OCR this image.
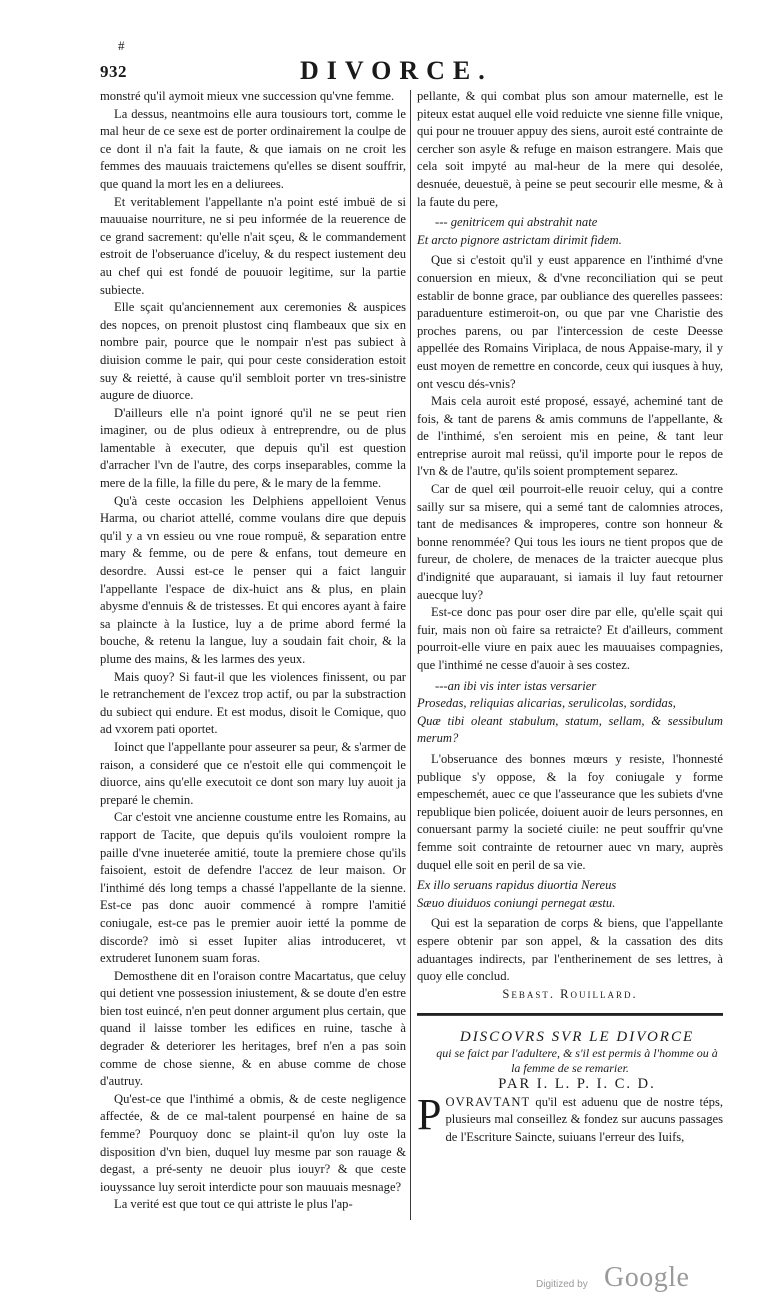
#
932	DIVORCE.

monstré qu'il aymoit mieux vne succession qu'vne femme.

La dessus, neantmoins elle aura tousiours tort, comme le mal heur de ce sexe est de porter ordinairement la coulpe de ce dont il n'a fait la faute, & que iamais on ne croit les femmes des mauuais traictemens qu'elles se disent souffrir, que quand la mort les en a deliurees.

Et veritablement l'appellante n'a point esté imbuë de si mauuaise nourriture, ne si peu informée de la reuerence de ce grand sacrement: qu'elle n'ait sçeu, & le commandement estroit de l'obseruance d'iceluy, & du respect iustement deu au chef qui est fondé de pouuoir legitime, sur la partie subiecte.

Elle sçait qu'anciennement aux ceremonies & auspices des nopces, on prenoit plustost cinq flambeaux que six en nombre pair, pource que le nompair n'est pas subiect à diuision comme le pair, qui pour ceste consideration estoit suy & reietté, à cause qu'il sembloit porter vn tres-sinistre augure de diuorce.

D'ailleurs elle n'a point ignoré qu'il ne se peut rien imaginer, ou de plus odieux à entreprendre, ou de plus lamentable à executer, que depuis qu'il est question d'arracher l'vn de l'autre, des corps inseparables, comme la mere de la fille, la fille du pere, & le mary de la femme.

Qu'à ceste occasion les Delphiens appelloient Venus Harma, ou chariot attellé, comme voulans dire que depuis qu'il y a vn essieu ou vne roue rompuë, & separation entre mary & femme, ou de pere & enfans, tout demeure en desordre. Aussi est-ce le penser qui a faict languir l'appellante l'espace de dix-huict ans & plus, en plain abysme d'ennuis & de tristesses. Et qui encores ayant à faire sa plaincte à la Iustice, luy a de prime abord fermé la bouche, & retenu la langue, luy a soudain fait choir, & la plume des mains, & les larmes des yeux.

Mais quoy? Si faut-il que les violences finissent, ou par le retranchement de l'excez trop actif, ou par la substraction du subiect qui endure. Et est modus, disoit le Comique, quo ad vxorem pati oportet.

Ioinct que l'appellante pour asseurer sa peur, & s'armer de raison, a consideré que ce n'estoit elle qui commençoit le diuorce, ains qu'elle executoit ce dont son mary luy auoit ja preparé le chemin.

Car c'estoit vne ancienne coustume entre les Romains, au rapport de Tacite, que depuis qu'ils vouloient rompre la paille d'vne inueterée amitié, toute la premiere chose qu'ils faisoient, estoit de defendre l'accez de leur maison. Or l'inthimé dés long temps a chassé l'appellante de la sienne. Est-ce pas donc auoir commencé à rompre l'amitié coniugale, est-ce pas le premier auoir ietté la pomme de discorde? imò si esset Iupiter alias introduceret, vt extruderet Iunonem suam foras.

Demosthene dit en l'oraison contre Macartatus, que celuy qui detient vne possession iniustement, & se doute d'en estre bien tost euincé, n'en peut donner argument plus certain, que quand il laisse tomber les edifices en ruine, tasche à degrader & deteriorer les heritages, bref n'en a pas soin comme de chose sienne, & en abuse comme de chose d'autruy.

Qu'est-ce que l'inthimé a obmis, & de ceste negligence affectée, & de ce mal-talent pourpensé en haine de sa femme? Pourquoy donc se plaint-il qu'on luy oste la disposition d'vn bien, duquel luy mesme par son rauage & degast, a pré-senty ne deuoir plus iouyr? & que ceste iouyssance luy seroit interdicte pour son mauuais mesnage?

La verité est que tout ce qui attriste le plus l'ap-

pellante, & qui combat plus son amour maternelle, est le piteux estat auquel elle void reduicte vne sienne fille vnique, qui pour ne trouuer appuy des siens, auroit esté contrainte de cercher son asyle & refuge en maison estrangere. Mais que cela soit impyté au mal-heur de la mere qui desolée, desnuée, deuestuë, à peine se peut secourir elle mesme, & à la faute du pere,

--- genitricem qui abstrahit nate
Et arcto pignore astrictam dirimit fidem.

Que si c'estoit qu'il y eust apparence en l'inthimé d'vne conuersion en mieux, & d'vne reconciliation qui se peut establir de bonne grace, par oubliance des querelles passees: paraduenture estimeroit-on, ou que par vne Charistie des proches parens, ou par l'intercession de ceste Deesse appellée des Romains Viriplaca, de nous Appaise-mary, il y eust moyen de remettre en concorde, ceux qui iusques à huy, ont vescu dés-vnis?

Mais cela auroit esté proposé, essayé, acheminé tant de fois, & tant de parens & amis communs de l'appellante, & de l'inthimé, s'en seroient mis en peine, & tant leur entreprise auroit mal reüssi, qu'il importe pour le repos de l'vn & de l'autre, qu'ils soient promptement separez.

Car de quel œil pourroit-elle reuoir celuy, qui a contre sailly sur sa misere, qui a semé tant de calomnies atroces, tant de medisances & improperes, contre son honneur & bonne renommée? Qui tous les iours ne tient propos que de fureur, de cholere, de menaces de la traicter auecque plus d'indignité que auparauant, si iamais il luy faut retourner auecque luy?

Est-ce donc pas pour oser dire par elle, qu'elle sçait qui fuir, mais non où faire sa retraicte? Et d'ailleurs, comment pourroit-elle viure en paix auec les mauuaises compagnies, que l'inthimé ne cesse d'auoir à ses costez.

---an ibi vis inter istas versarier
Prosedas, reliquias alicarias, serulicolas, sordidas,
Quæ tibi oleant stabulum, statum, sellam, & sessibulum merum?

L'obseruance des bonnes mœurs y resiste, l'honnesté publique s'y oppose, & la foy coniugale y forme empeschemét, auec ce que l'asseurance que les subiets d'vne republique bien policée, doiuent auoir de leurs personnes, en conuersant parmy la societé ciuile: ne peut souffrir qu'vne femme soit contrainte de retourner auec vn mary, auprès duquel elle soit en peril de sa vie.

Ex illo seruans rapidus diuortia Nereus
Sæuo diuiduos coniungi pernegat æstu.

Qui est la separation de corps & biens, que l'appellante espere obtenir par son appel, & la cassation des dits aduantages indirects, par l'entherinement de ses lettres, à quoy elle conclud.

Sebast. Rouillard.

DISCOVRS SVR LE DIVORCE

qui se faict par l'adultere, & s'il est permis à l'homme ou à la femme de se remarier.

PAR I. L. P. I. C. D.

POVRAVTANT qu'il est aduenu que de nostre téps, plusieurs mal conseillez & fondez sur aucuns passages de l'Escriture Saincte, suiuans l'erreur des Iuifs,

Digitized by Google
